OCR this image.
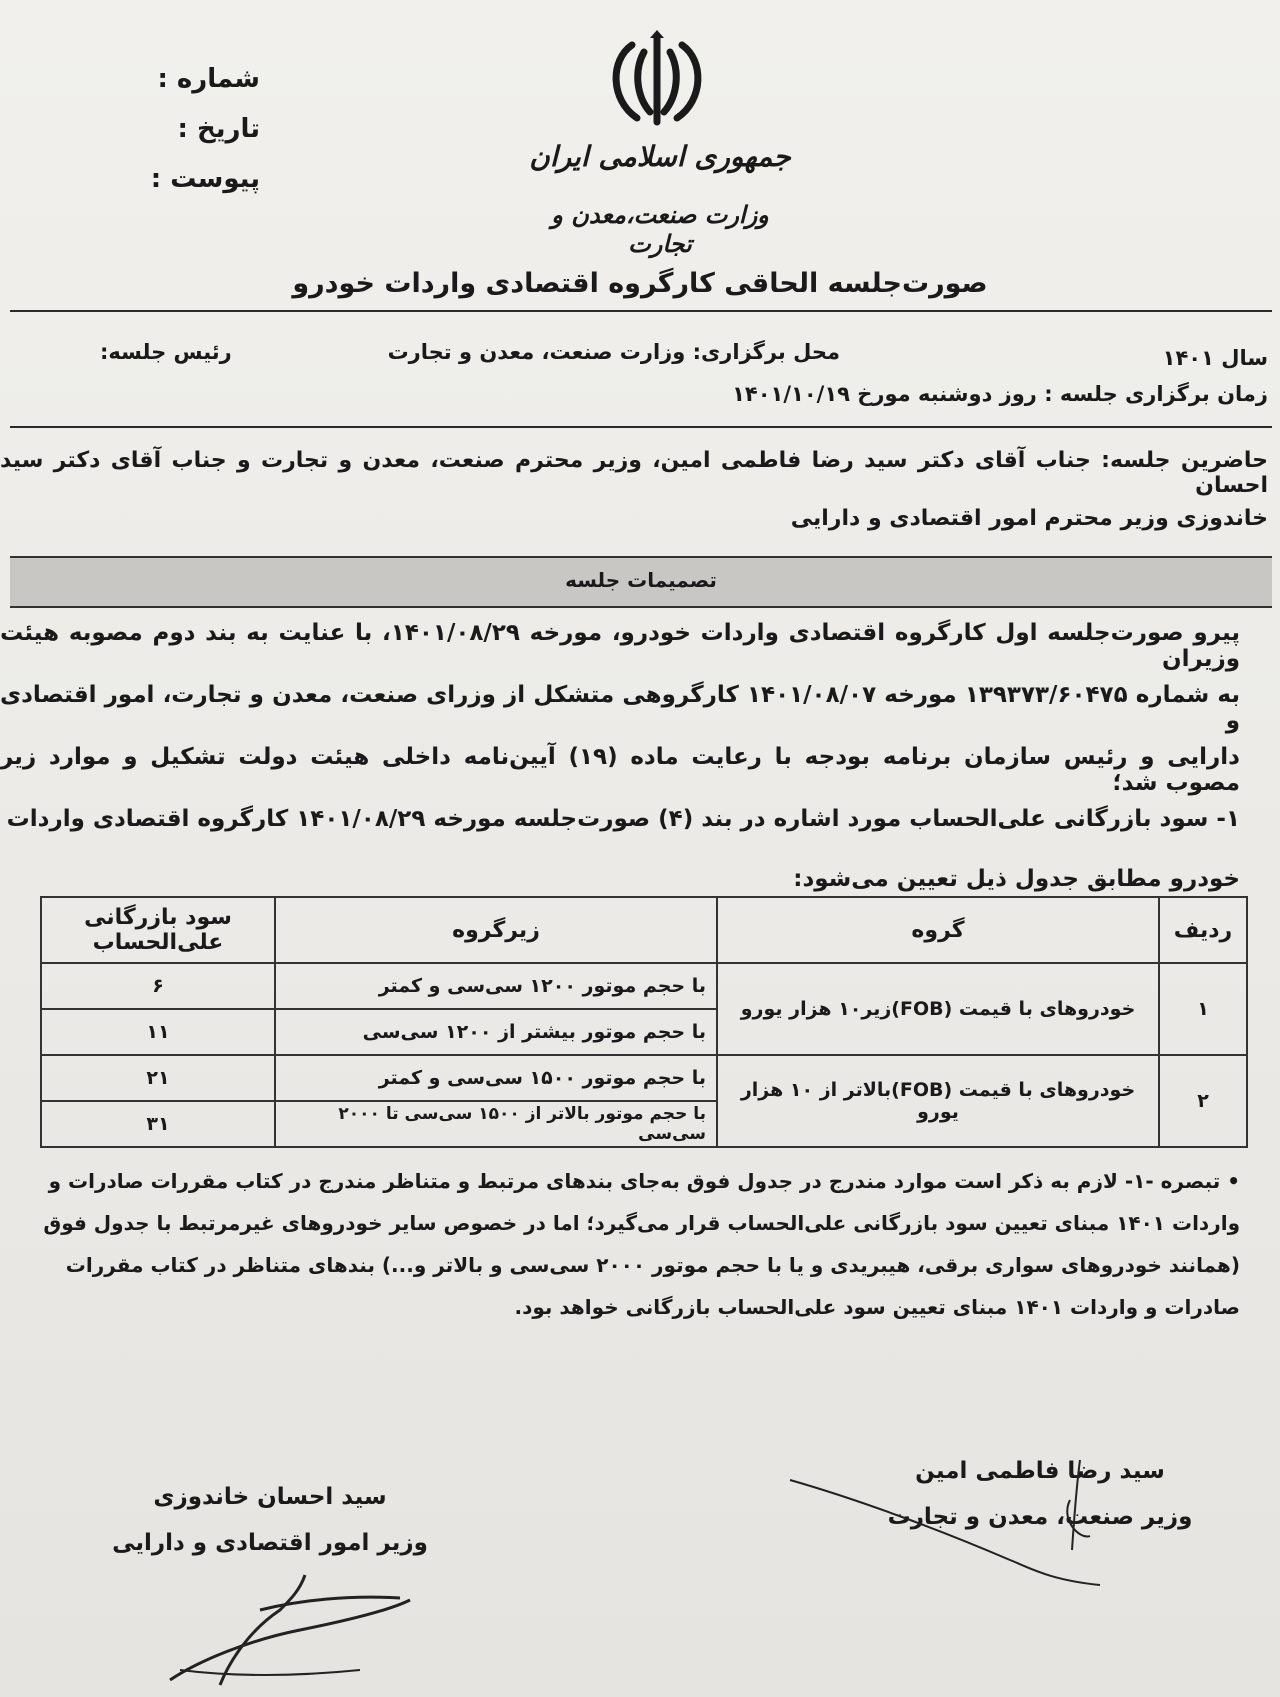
شماره :
تاریخ :
پیوست :
جمهوری اسلامی ایران
وزارت صنعت،معدن و تجارت
صورت‌جلسه الحاقی کارگروه اقتصادی واردات خودرو
سال ۱۴۰۱
محل برگزاری: وزارت صنعت، معدن و تجارت
رئیس جلسه:
زمان برگزاری جلسه : روز دوشنبه مورخ ۱۴۰۱/۱۰/۱۹
حاضرین جلسه: جناب آقای دکتر سید رضا فاطمی امین، وزیر محترم صنعت، معدن و تجارت و جناب آقای دکتر سید احسان
خاندوزی وزیر محترم امور اقتصادی و دارایی
تصمیمات جلسه
پیرو صورت‌جلسه اول کارگروه اقتصادی واردات خودرو، مورخه ۱۴۰۱/۰۸/۲۹، با عنایت به بند دوم مصوبه هیئت وزیران
به شماره ۱۳۹۳۷۳/۶۰۴۷۵ مورخه ۱۴۰۱/۰۸/۰۷ کارگروهی متشکل از وزرای صنعت، معدن و تجارت، امور اقتصادی و
دارایی و رئیس سازمان برنامه بودجه با رعایت ماده (۱۹) آیین‌نامه داخلی هیئت دولت تشکیل و موارد زیر مصوب شد؛
۱- سود بازرگانی علی‌الحساب مورد اشاره در بند (۴) صورت‌جلسه مورخه ۱۴۰۱/۰۸/۲۹ کارگروه اقتصادی واردات
خودرو مطابق جدول ذیل تعیین می‌شود:
ردیف	گروه	زیرگروه	سود بازرگانی علی‌الحساب
۱	خودروهای با قیمت (FOB)زیر۱۰ هزار یورو	با حجم موتور ۱۲۰۰ سی‌سی و کمتر	۶
		با حجم موتور بیشتر از ۱۲۰۰ سی‌سی	۱۱
۲	خودروهای با قیمت (FOB)بالاتر از ۱۰ هزار یورو	با حجم موتور ۱۵۰۰ سی‌سی و کمتر	۲۱
		با حجم موتور بالاتر از ۱۵۰۰ سی‌سی تا ۲۰۰۰ سی‌سی	۳۱
• تبصره -۱- لازم به ذکر است موارد مندرج در جدول فوق به‌جای بندهای مرتبط و متناظر مندرج در کتاب مقررات صادرات و
واردات ۱۴۰۱ مبنای تعیین سود بازرگانی علی‌الحساب قرار می‌گیرد؛ اما در خصوص سایر خودروهای غیرمرتبط با جدول فوق
(همانند خودروهای سواری برقی، هیبریدی و یا با حجم موتور ۲۰۰۰ سی‌سی و بالاتر و...) بندهای متناظر در کتاب مقررات
صادرات و واردات ۱۴۰۱ مبنای تعیین سود علی‌الحساب بازرگانی خواهد بود.
سید رضا فاطمی امین
وزیر صنعت، معدن و تجارت
سید احسان خاندوزی
وزیر امور اقتصادی و دارایی
